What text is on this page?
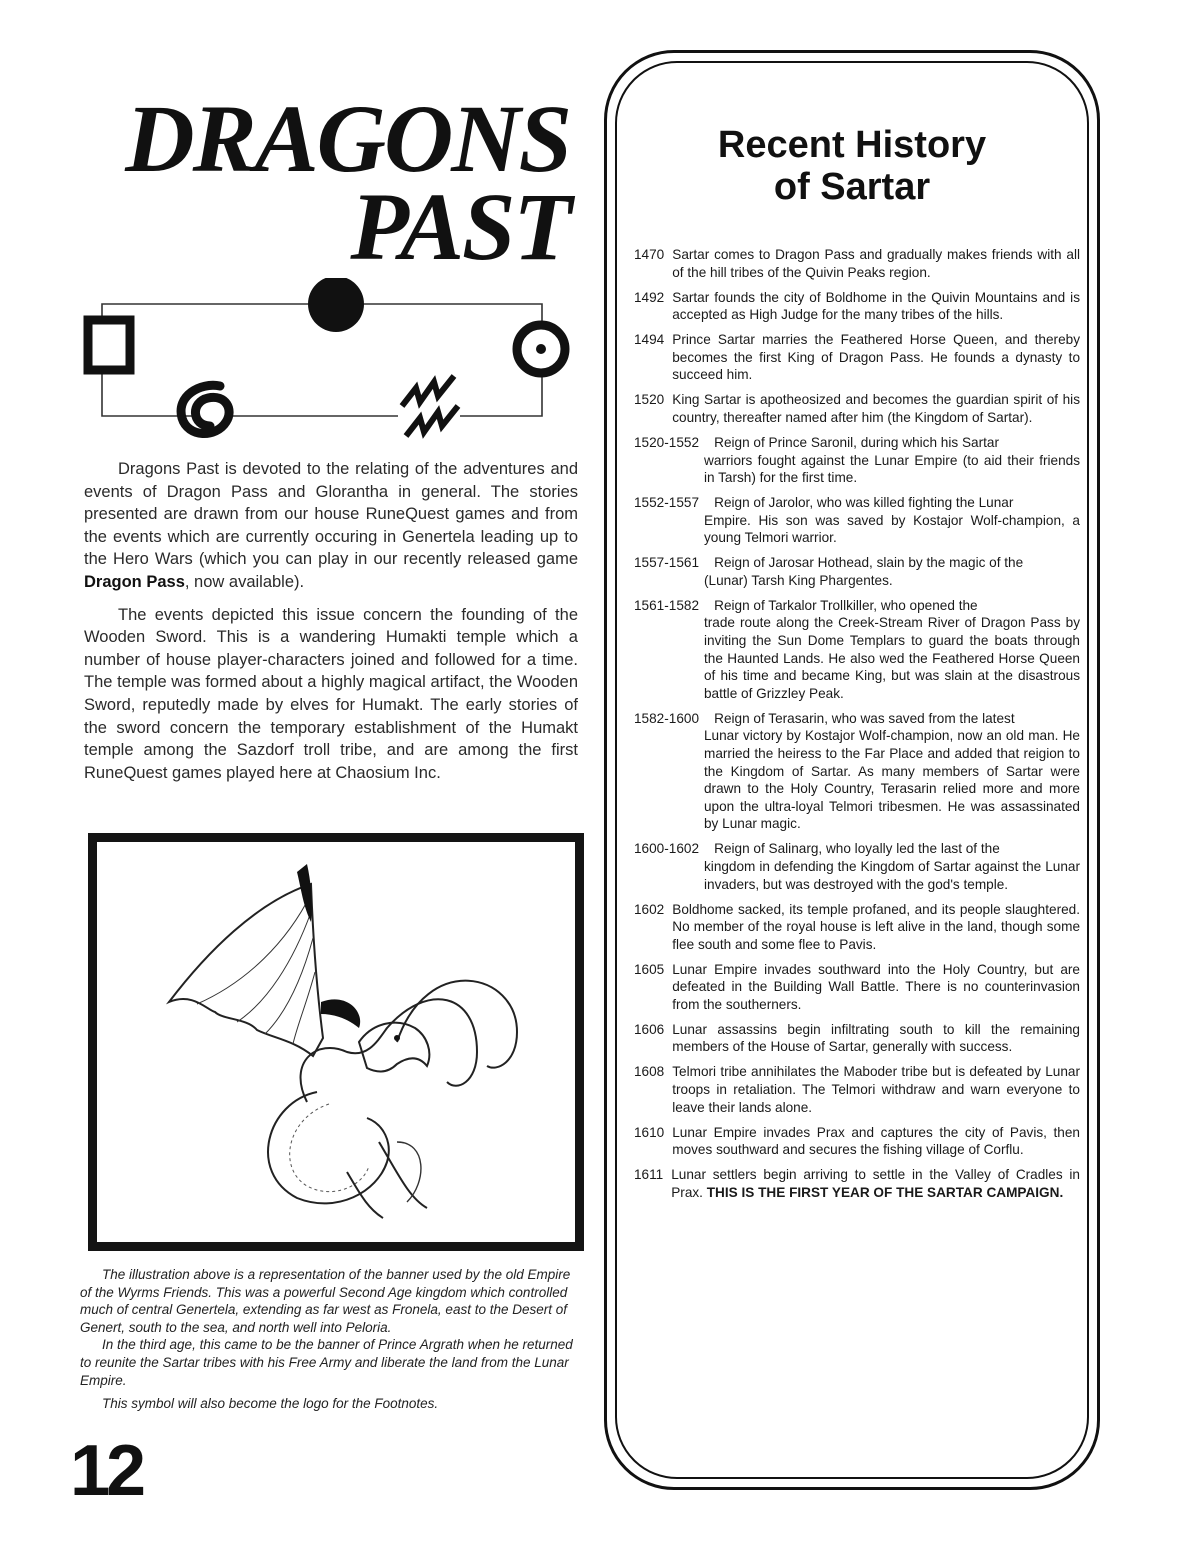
DRAGONS
PAST

Dragons Past is devoted to the relating of the adventures and events of Dragon Pass and Glorantha in general. The stories presented are drawn from our house RuneQuest games and from the events which are currently occuring in Genertela leading up to the Hero Wars (which you can play in our recently released game Dragon Pass, now available).

The events depicted this issue concern the founding of the Wooden Sword. This is a wandering Humakti temple which a number of house player-characters joined and followed for a time. The temple was formed about a highly magical artifact, the Wooden Sword, reputedly made by elves for Humakt. The early stories of the sword concern the temporary establishment of the Humakt temple among the Sazdorf troll tribe, and are among the first RuneQuest games played here at Chaosium Inc.

The illustration above is a representation of the banner used by the old Empire of the Wyrms Friends. This was a powerful Second Age kingdom which controlled much of central Genertela, extending as far west as Fronela, east to the Desert of Genert, south to the sea, and north well into Peloria.

In the third age, this came to be the banner of Prince Argrath when he returned to reunite the Sartar tribes with his Free Army and liberate the land from the Lunar Empire.

This symbol will also become the logo for the Footnotes.

12
Recent History
of Sartar
1470 Sartar comes to Dragon Pass and gradually makes friends with all of the hill tribes of the Quivin Peaks region.
1492 Sartar founds the city of Boldhome in the Quivin Mountains and is accepted as High Judge for the many tribes of the hills.
1494 Prince Sartar marries the Feathered Horse Queen, and thereby becomes the first King of Dragon Pass. He founds a dynasty to succeed him.
1520 King Sartar is apotheosized and becomes the guardian spirit of his country, thereafter named after him (the Kingdom of Sartar).
1520-1552 Reign of Prince Saronil, during which his Sartar
warriors fought against the Lunar Empire (to aid their friends in Tarsh) for the first time.
1552-1557 Reign of Jarolor, who was killed fighting the Lunar
Empire. His son was saved by Kostajor Wolf-champion, a young Telmori warrior.
1557-1561 Reign of Jarosar Hothead, slain by the magic of the
(Lunar) Tarsh King Phargentes.
1561-1582 Reign of Tarkalor Trollkiller, who opened the
trade route along the Creek-Stream River of Dragon Pass by inviting the Sun Dome Templars to guard the boats through the Haunted Lands. He also wed the Feathered Horse Queen of his time and became King, but was slain at the disastrous battle of Grizzley Peak.
1582-1600 Reign of Terasarin, who was saved from the latest
Lunar victory by Kostajor Wolf-champion, now an old man. He married the heiress to the Far Place and added that reigion to the Kingdom of Sartar. As many members of Sartar were drawn to the Holy Country, Terasarin relied more and more upon the ultra-loyal Telmori tribesmen. He was assassinated by Lunar magic.
1600-1602 Reign of Salinarg, who loyally led the last of the
kingdom in defending the Kingdom of Sartar against the Lunar invaders, but was destroyed with the god's temple.
1602 Boldhome sacked, its temple profaned, and its people slaughtered. No member of the royal house is left alive in the land, though some flee south and some flee to Pavis.
1605 Lunar Empire invades southward into the Holy Country, but are defeated in the Building Wall Battle. There is no counterinvasion from the southerners.
1606 Lunar assassins begin infiltrating south to kill the remaining members of the House of Sartar, generally with success.
1608 Telmori tribe annihilates the Maboder tribe but is defeated by Lunar troops in retaliation. The Telmori withdraw and warn everyone to leave their lands alone.
1610 Lunar Empire invades Prax and captures the city of Pavis, then moves southward and secures the fishing village of Corflu.
1611 Lunar settlers begin arriving to settle in the Valley of Cradles in Prax. THIS IS THE FIRST YEAR OF THE SARTAR CAMPAIGN.
